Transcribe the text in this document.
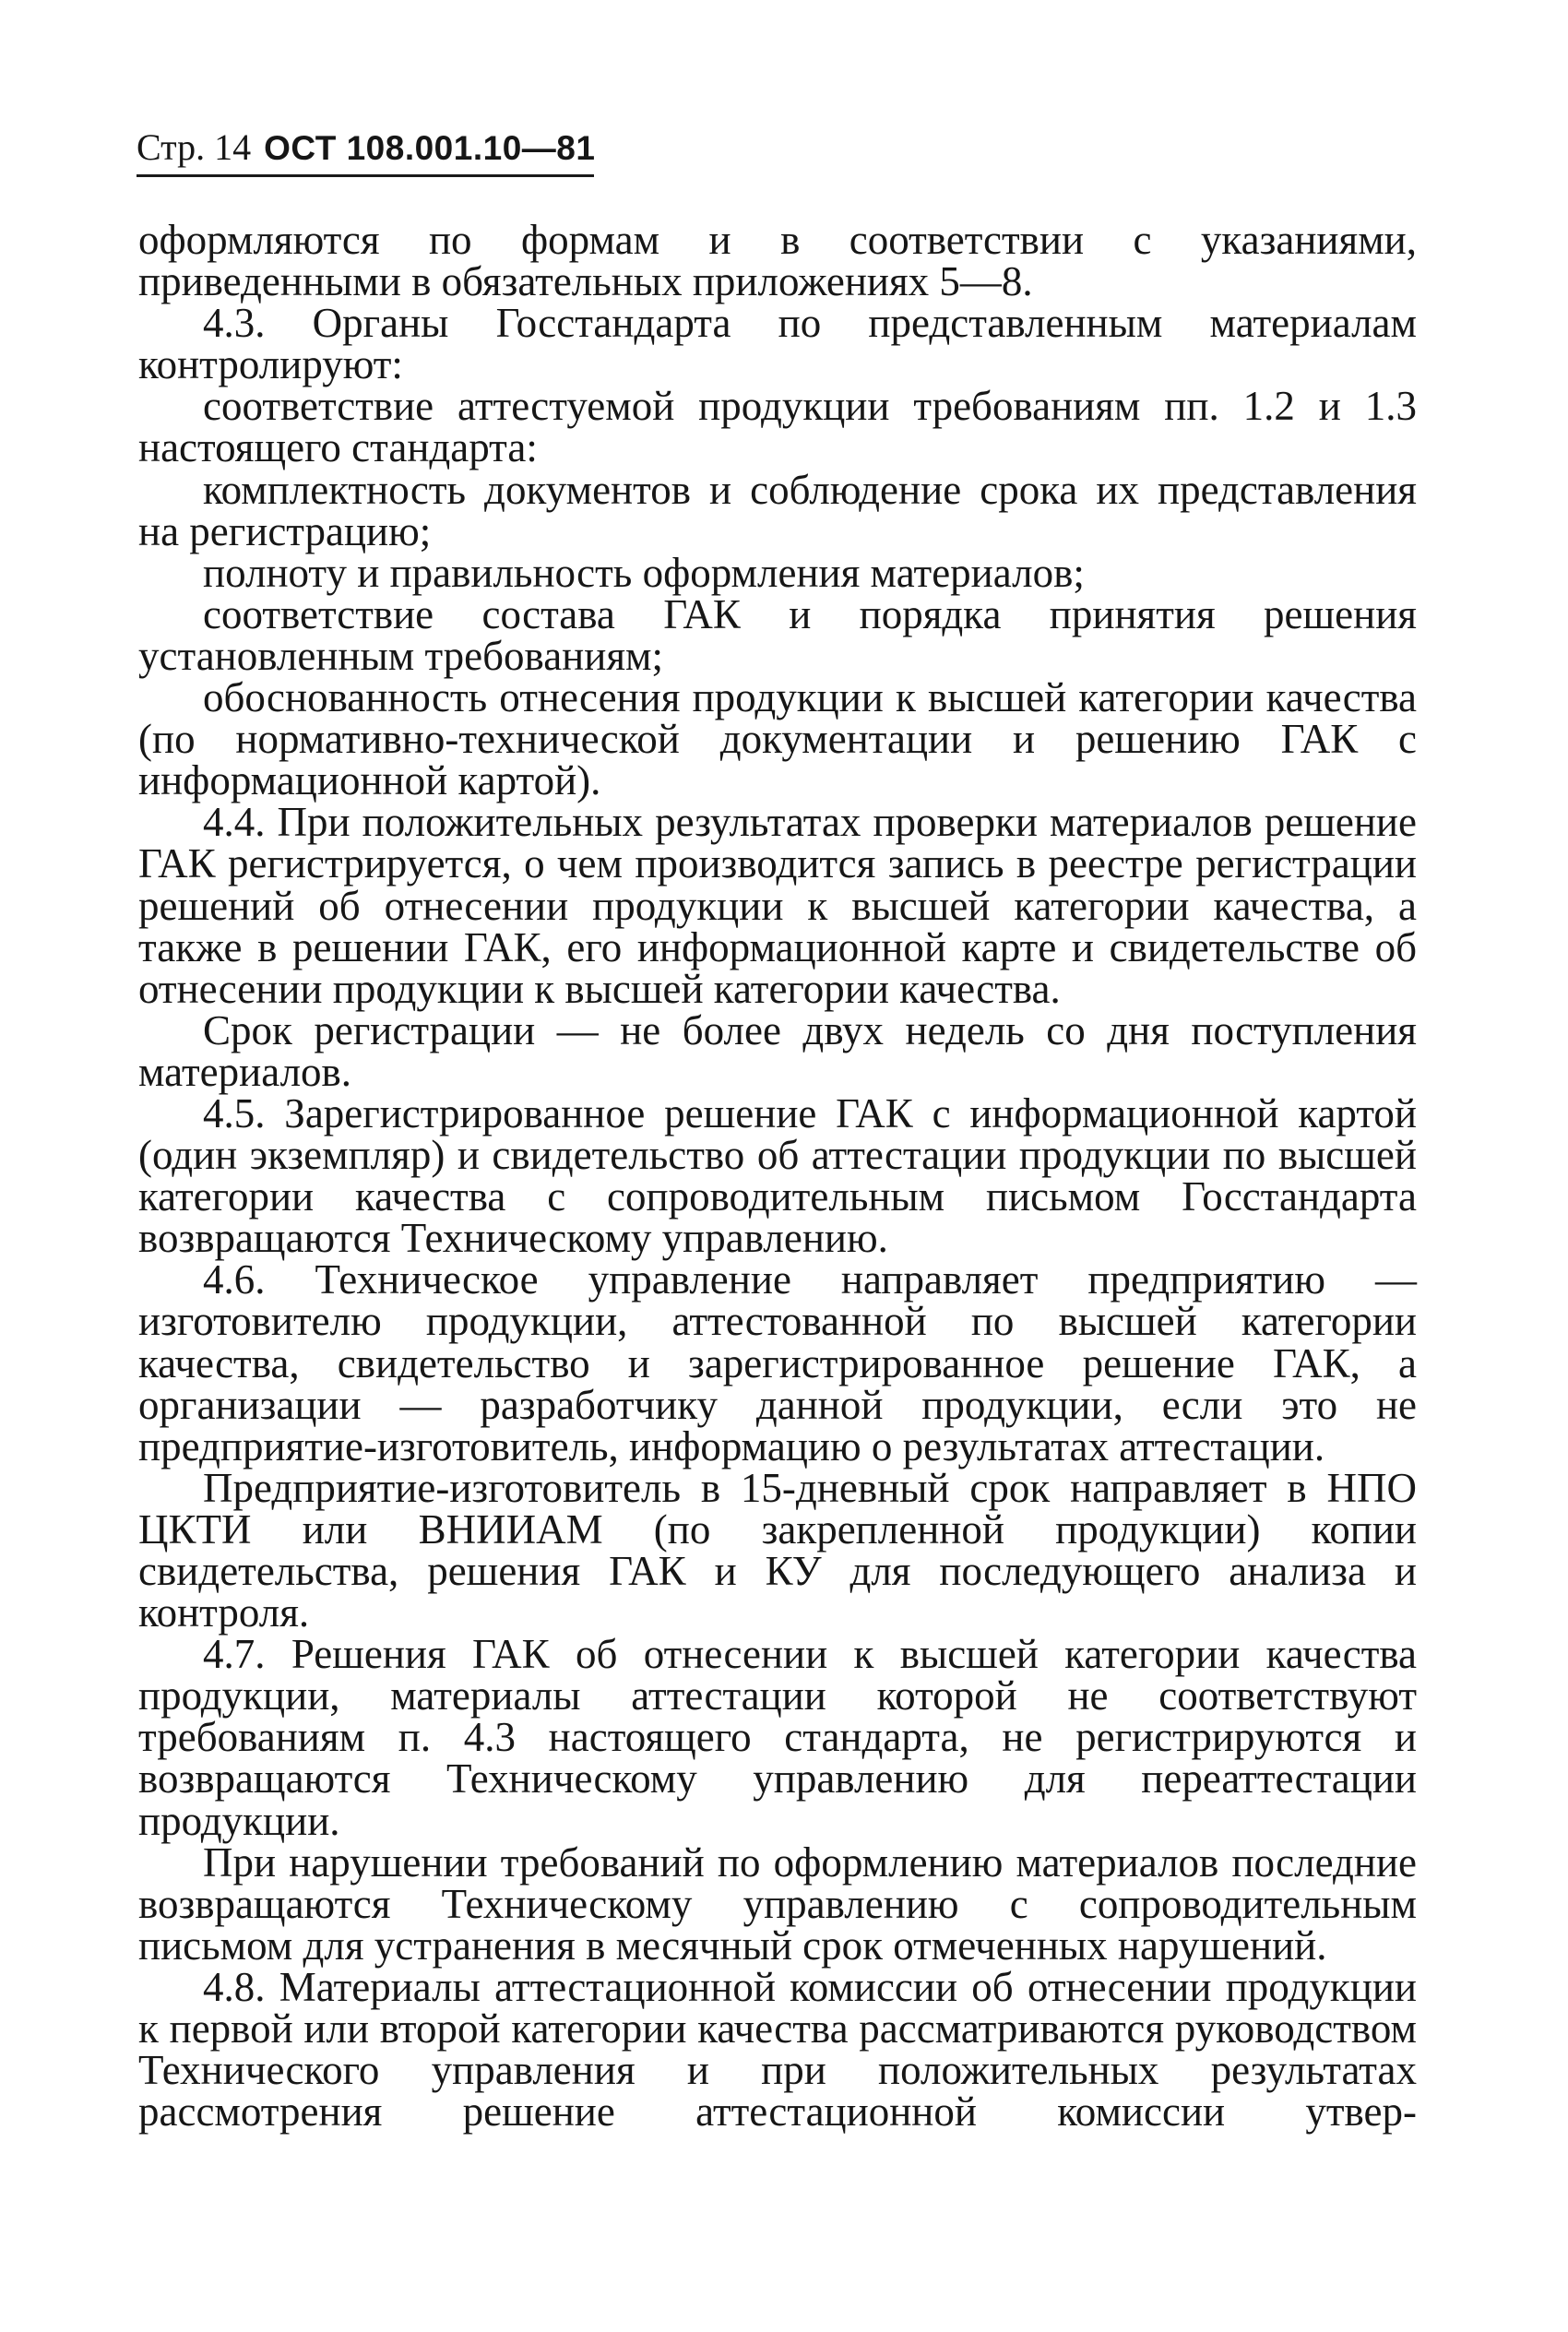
Стр. 14 ОСТ 108.001.10—81

оформляются по формам и в соответствии с указаниями, приведенными в обязательных приложениях 5—8.

4.3. Органы Госстандарта по представленным материалам контролируют:

соответствие аттестуемой продукции требованиям пп. 1.2 и 1.3 настоящего стандарта:

комплектность документов и соблюдение срока их представления на регистрацию;

полноту и правильность оформления материалов;

соответствие состава ГАК и порядка принятия решения установленным требованиям;

обоснованность отнесения продукции к высшей категории качества (по нормативно-технической документации и решению ГАК с информационной картой).

4.4. При положительных результатах проверки материалов решение ГАК регистрируется, о чем производится запись в реестре регистрации решений об отнесении продукции к высшей категории качества, а также в решении ГАК, его информационной карте и свидетельстве об отнесении продукции к высшей категории качества.

Срок регистрации — не более двух недель со дня поступления материалов.

4.5. Зарегистрированное решение ГАК с информационной картой (один экземпляр) и свидетельство об аттестации продукции по высшей категории качества с сопроводительным письмом Госстандарта возвращаются Техническому управлению.

4.6. Техническое управление направляет предприятию — изготовителю продукции, аттестованной по высшей категории качества, свидетельство и зарегистрированное решение ГАК, а организации — разработчику данной продукции, если это не предприятие-изготовитель, информацию о результатах аттестации.

Предприятие-изготовитель в 15-дневный срок направляет в НПО ЦКТИ или ВНИИАМ (по закрепленной продукции) копии свидетельства, решения ГАК и КУ для последующего анализа и контроля.

4.7. Решения ГАК об отнесении к высшей категории качества продукции, материалы аттестации которой не соответствуют требованиям п. 4.3 настоящего стандарта, не регистрируются и возвращаются Техническому управлению для переаттестации продукции.

При нарушении требований по оформлению материалов последние возвращаются Техническому управлению с сопроводительным письмом для устранения в месячный срок отмеченных нарушений.

4.8. Материалы аттестационной комиссии об отнесении продукции к первой или второй категории качества рассматриваются руководством Технического управления и при положительных результатах рассмотрения решение аттестационной комиссии утвер-
